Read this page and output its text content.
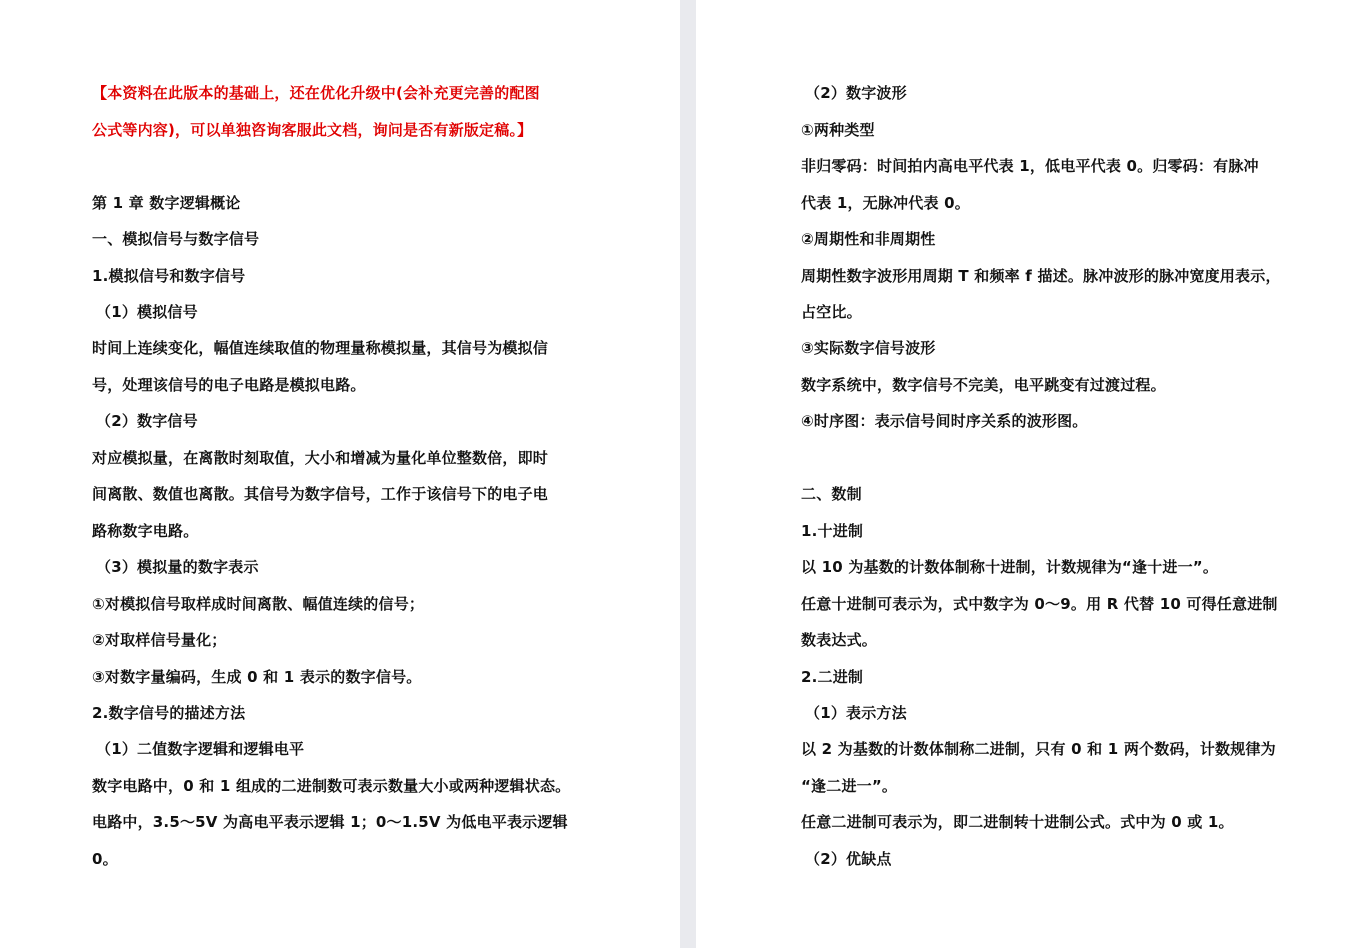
【本资料在此版本的基础上，还在优化升级中(会补充更完善的配图
公式等内容)，可以单独咨询客服此文档，询问是否有新版定稿。】
第 1 章 数字逻辑概论
一、模拟信号与数字信号
1.模拟信号和数字信号
（1）模拟信号
时间上连续变化，幅值连续取值的物理量称模拟量，其信号为模拟信
号，处理该信号的电子电路是模拟电路。
（2）数字信号
对应模拟量，在离散时刻取值，大小和增减为量化单位整数倍，即时
间离散、数值也离散。其信号为数字信号，工作于该信号下的电子电
路称数字电路。
（3）模拟量的数字表示
①对模拟信号取样成时间离散、幅值连续的信号；
②对取样信号量化；
③对数字量编码，生成 0 和 1 表示的数字信号。
2.数字信号的描述方法
（1）二值数字逻辑和逻辑电平
数字电路中，0 和 1 组成的二进制数可表示数量大小或两种逻辑状态。
电路中，3.5～5V 为高电平表示逻辑 1；0～1.5V 为低电平表示逻辑
0。
（2）数字波形
①两种类型
非归零码：时间拍内高电平代表 1，低电平代表 0。归零码：有脉冲
代表 1，无脉冲代表 0。
②周期性和非周期性
周期性数字波形用周期 T 和频率 f 描述。脉冲波形的脉冲宽度用表示，
占空比。
③实际数字信号波形
数字系统中，数字信号不完美，电平跳变有过渡过程。
④时序图：表示信号间时序关系的波形图。
二、数制
1.十进制
以 10 为基数的计数体制称十进制，计数规律为“逢十进一”。
任意十进制可表示为，式中数字为 0～9。用 R 代替 10 可得任意进制
数表达式。
2.二进制
（1）表示方法
以 2 为基数的计数体制称二进制，只有 0 和 1 两个数码，计数规律为
“逢二进一”。
任意二进制可表示为，即二进制转十进制公式。式中为 0 或 1。
（2）优缺点
